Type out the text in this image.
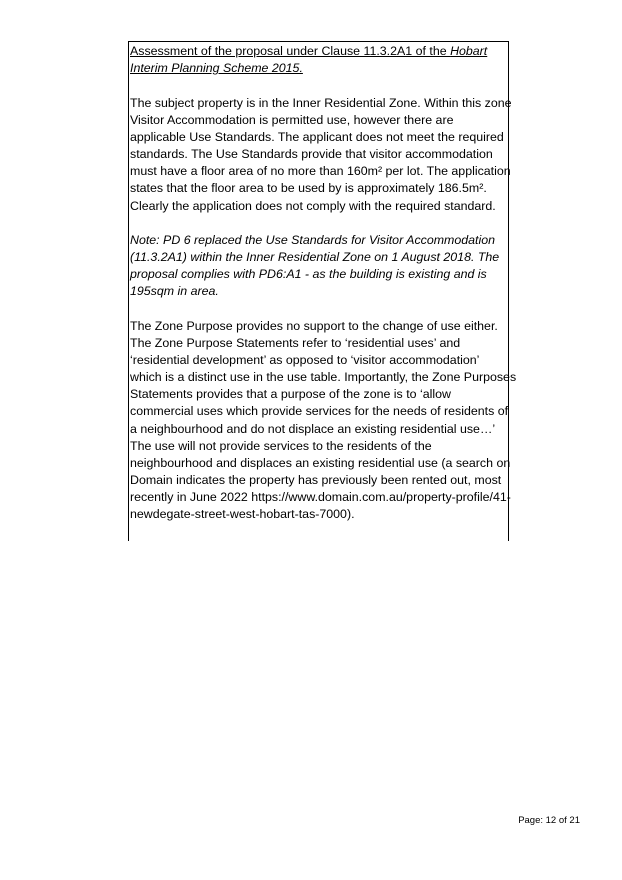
Assessment of the proposal under Clause 11.3.2A1 of the Hobart
Interim Planning Scheme 2015.
The subject property is in the Inner Residential Zone. Within this zone
Visitor Accommodation is permitted use, however there are
applicable Use Standards. The applicant does not meet the required
standards. The Use Standards provide that visitor accommodation
must have a floor area of no more than 160m² per lot. The application
states that the floor area to be used by is approximately 186.5m².
Clearly the application does not comply with the required standard.
Note: PD 6 replaced the Use Standards for Visitor Accommodation
(11.3.2A1) within the Inner Residential Zone on 1 August 2018. The
proposal complies with PD6:A1 - as the building is existing and is
195sqm in area.
The Zone Purpose provides no support to the change of use either.
The Zone Purpose Statements refer to ‘residential uses’ and
‘residential development’ as opposed to ‘visitor accommodation’
which is a distinct use in the use table. Importantly, the Zone Purposes
Statements provides that a purpose of the zone is to ‘allow
commercial uses which provide services for the needs of residents of
a neighbourhood and do not displace an existing residential use…’
The use will not provide services to the residents of the
neighbourhood and displaces an existing residential use (a search on
Domain indicates the property has previously been rented out, most
recently in June 2022 https://www.domain.com.au/property-profile/41-
newdegate-street-west-hobart-tas-7000).
Page: 12 of 21
